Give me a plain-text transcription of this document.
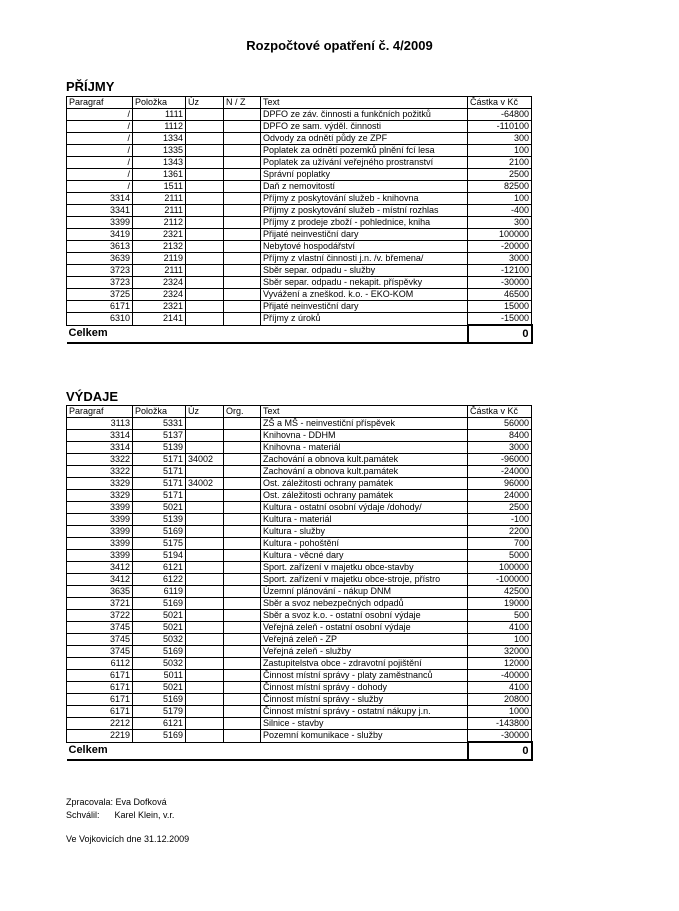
Rozpočtové opatření č. 4/2009
PŘÍJMY
Paragraf	Položka	Úz	N / Z	Text	Částka v Kč
/	1111			DPFO ze záv. činnosti a funkčních požitků	-64800
/	1112			DPFO ze sam. výděl. činnosti	-110100
/	1334			Odvody za odnětí půdy ze ZPF	300
/	1335			Poplatek za odnětí pozemků plnění fcí lesa	100
/	1343			Poplatek za užívání veřejného prostranství	2100
/	1361			Správní poplatky	2500
/	1511			Daň z nemovitostí	82500
3314	2111			Příjmy z poskytování služeb - knihovna	100
3341	2111			Příjmy z poskytování služeb - místní rozhlas	-400
3399	2112			Příjmy z prodeje zboží - pohlednice, kniha	300
3419	2321			Přijaté neinvestiční dary	100000
3613	2132			Nebytové hospodářství	-20000
3639	2119			Příjmy z vlastní činnosti j.n. /v. břemena/	3000
3723	2111			Sběr separ. odpadu - služby	-12100
3723	2324			Sběr separ. odpadu - nekapit. příspěvky	-30000
3725	2324			Vyvážení a zneškod. k.o. - EKO-KOM	46500
6171	2321			Přijaté neinvestiční dary	15000
6310	2141			Příjmy z úroků	-15000
Celkem					0
VÝDAJE
Paragraf	Položka	Úz	Org.	Text	Částka v Kč
3113	5331			ZŠ a MŠ - neinvestiční příspěvek	56000
3314	5137			Knihovna - DDHM	8400
3314	5139			Knihovna - materiál	3000
3322	5171	34002		Zachování a obnova kult.památek	-96000
3322	5171			Zachování a obnova kult.památek	-24000
3329	5171	34002		Ost. záležitosti ochrany památek	96000
3329	5171			Ost. záležitosti ochrany památek	24000
3399	5021			Kultura - ostatní osobní výdaje /dohody/	2500
3399	5139			Kultura - materiál	-100
3399	5169			Kultura - služby	2200
3399	5175			Kultura - pohoštění	700
3399	5194			Kultura - věcné dary	5000
3412	6121			Sport. zařízení v majetku obce-stavby	100000
3412	6122			Sport. zařízení v majetku obce-stroje, přístro	-100000
3635	6119			Územní plánování - nákup DNM	42500
3721	5169			Sběr a svoz nebezpečných odpadů	19000
3722	5021			Sběr a svoz k.o. - ostatní osobní výdaje	500
3745	5021			Veřejná zeleň - ostatní osobní výdaje	4100
3745	5032			Veřejná zeleň - ZP	100
3745	5169			Veřejná zeleň - služby	32000
6112	5032			Zastupitelstva obce - zdravotní pojištění	12000
6171	5011			Činnost místní správy - platy zaměstnanců	-40000
6171	5021			Činnost místní správy - dohody	4100
6171	5169			Činnost místní správy - služby	20800
6171	5179			Činnost místní správy - ostatní nákupy j.n.	1000
2212	6121			Silnice - stavby	-143800
2219	5169			Pozemní komunikace - služby	-30000
Celkem					0
Zpracovala: Eva Dofková
Schválil: Karel Klein, v.r.
Ve Vojkovicích dne 31.12.2009
